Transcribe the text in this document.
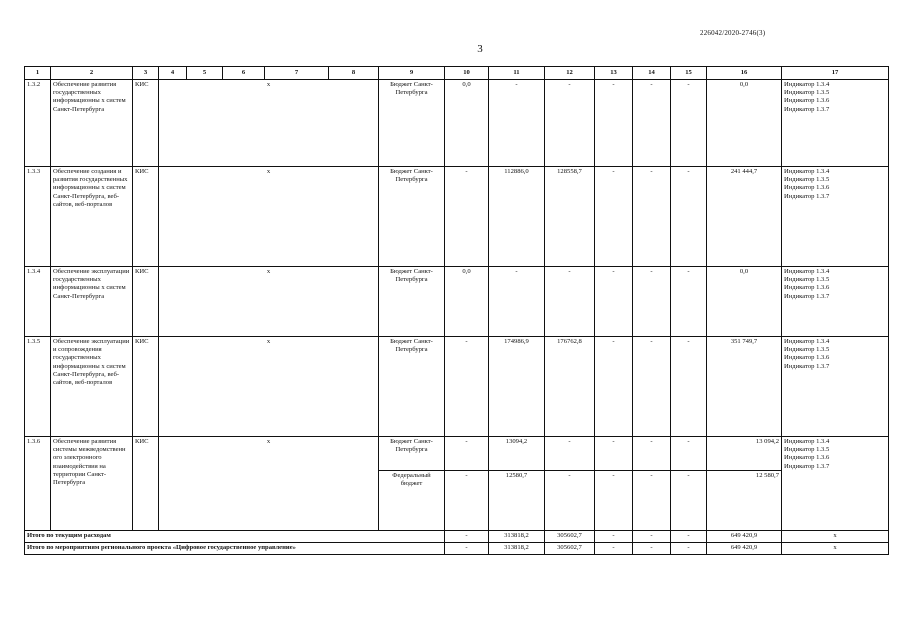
226042/2020-2746(3)
3
1	2	3	4	5	6	7	8	9	10	11	12	13	14	15	16	17
1.3.2	Обеспечение развития государственных информационны х систем Санкт-Петербурга	КИС	х					Бюджет Санкт-Петербурга	0,0	-	-	-	-	-	0,0	Индикатор 1.3.4
Индикатор 1.3.5
Индикатор 1.3.6
Индикатор 1.3.7
1.3.3	Обеспечение создания и развития государственных информационны х систем Санкт-Петербурга, веб-сайтов, веб-порталов	КИС	х					Бюджет Санкт-Петербурга	-	112886,0	128558,7	-	-	-	241 444,7	Индикатор 1.3.4
Индикатор 1.3.5
Индикатор 1.3.6
Индикатор 1.3.7
1.3.4	Обеспечение эксплуатации государственных информационны х систем Санкт-Петербурга	КИС	х					Бюджет Санкт-Петербурга	0,0	-	-	-	-	-	0,0	Индикатор 1.3.4
Индикатор 1.3.5
Индикатор 1.3.6
Индикатор 1.3.7
1.3.5	Обеспечение эксплуатации и сопровождения государственных информационны х систем Санкт-Петербурга, веб-сайтов, веб-порталов	КИС	х					Бюджет Санкт-Петербурга	-	174986,9	176762,8	-	-	-	351 749,7	Индикатор 1.3.4
Индикатор 1.3.5
Индикатор 1.3.6
Индикатор 1.3.7
1.3.6	Обеспечение развития системы межведомственн ого электронного взаимодействия на территории Санкт-Петербурга	КИС	х					Бюджет Санкт-Петербурга	-	13094,2	-	-	-	-	13 094,2	Индикатор 1.3.4
Индикатор 1.3.5
Индикатор 1.3.6
Индикатор 1.3.7
								Федеральный бюджет	-	12580,7	-	-	-	-	12 580,7	
Итого по текущим расходам									-	313818,2	305602,7	-	-	-	649 420,9	х
Итого по мероприятиям регионального проекта «Цифровое государственное управление»									-	313818,2	305602,7	-	-	-	649 420,9	х
